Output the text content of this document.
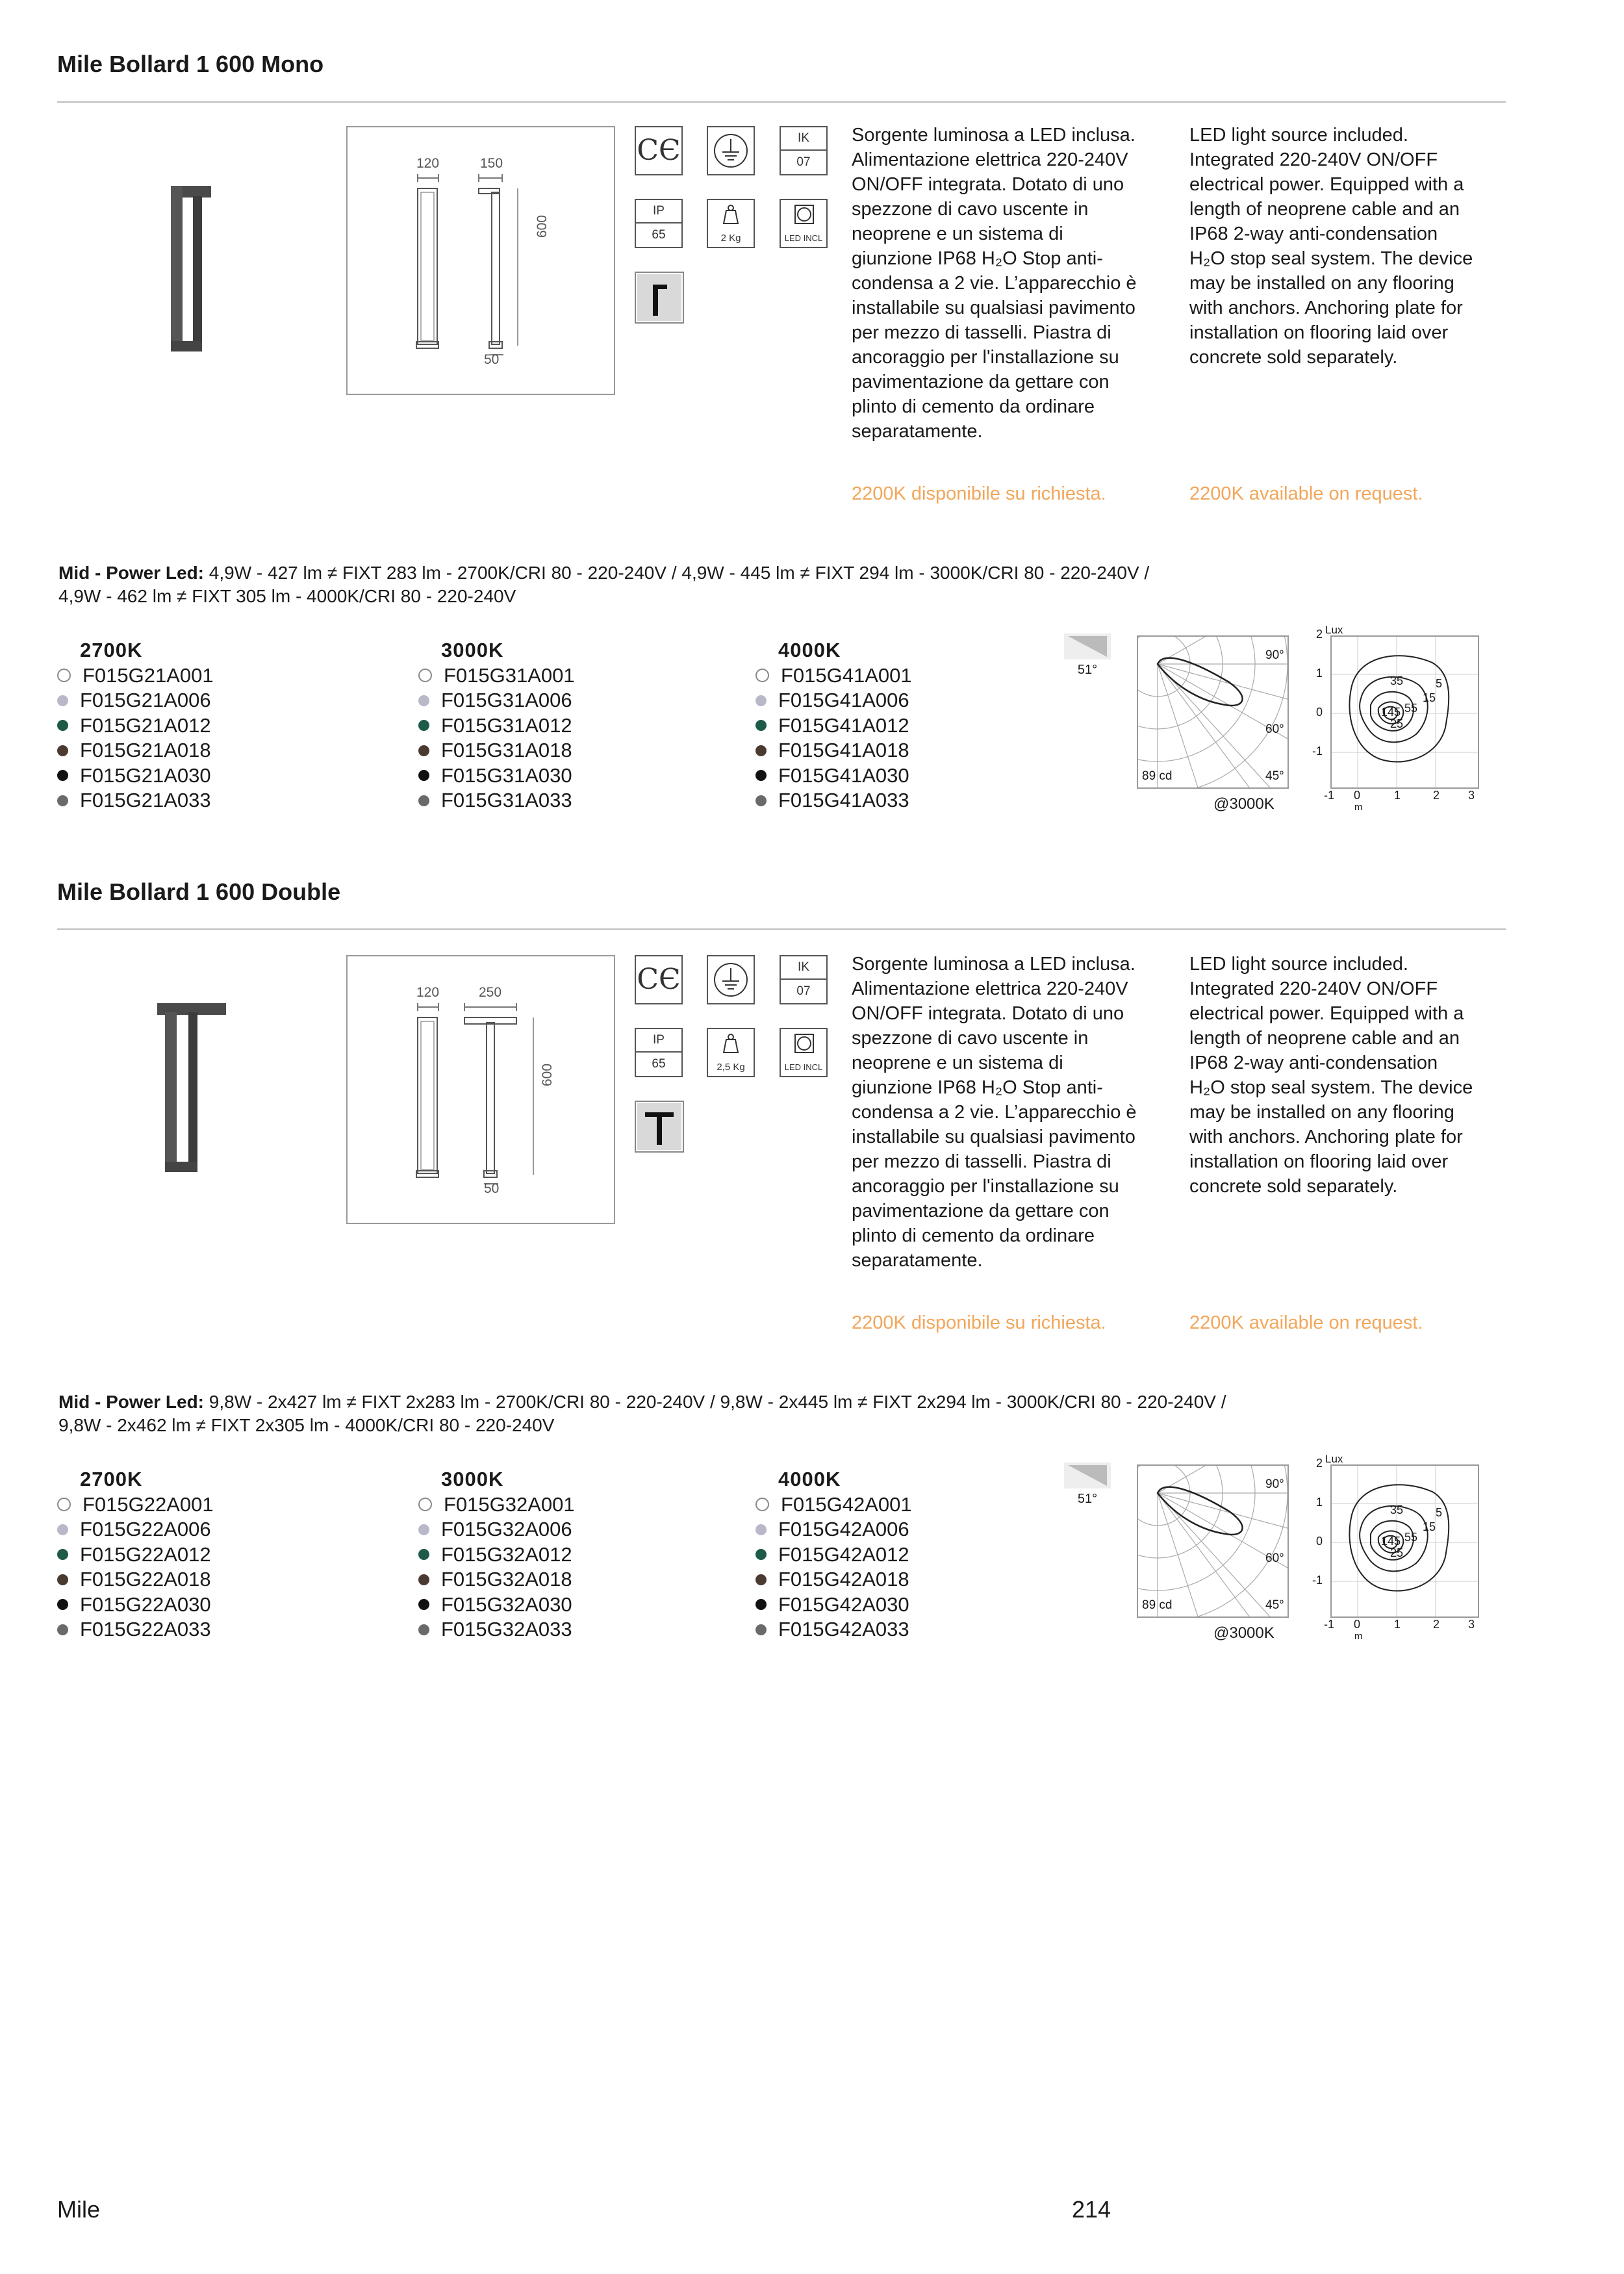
Mile Bollard 1 600 Mono
120	150
600
50
CЄ	IK
07
IP
65	2 Kg	LED INCL
Sorgente luminosa a LED inclusa. Alimentazione elettrica 220-240V ON/OFF integrata. Dotato di uno spezzone di cavo uscente in neoprene e un sistema di giunzione IP68 H₂O Stop anti-condensa a 2 vie. L’apparecchio è installabile su qualsiasi pavimento per mezzo di tasselli. Piastra di ancoraggio per l'installazione su pavimentazione da gettare con plinto di cemento da ordinare separatamente.
LED light source included. Integrated 220-240V ON/OFF electrical power. Equipped with a length of neoprene cable and an IP68 2-way anti-condensation H₂O stop seal system. The device may be installed on any flooring with anchors. Anchoring plate for installation on flooring laid over concrete sold separately.
2200K disponibile su richiesta.	2200K available on request.
Mid - Power Led: 4,9W - 427 lm ≠ FIXT 283 lm - 2700K/CRI 80 - 220-240V / 4,9W - 445 lm ≠ FIXT 294 lm - 3000K/CRI 80 - 220-240V /
4,9W - 462 lm ≠ FIXT 305 lm - 4000K/CRI 80 - 220-240V
2700K
F015G21A001
F015G21A006
F015G21A012
F015G21A018
F015G21A030
F015G21A033
3000K
F015G31A001
F015G31A006
F015G31A012
F015G31A018
F015G31A030
F015G31A033
4000K
F015G41A001
F015G41A006
F015G41A012
F015G41A018
F015G41A030
F015G41A033
51°
90°
60°
45°
89 cd
@3000K
Lux
35	5
15
55
145
25
2
1
0
-1
-1 0	1	2 3
m
Mile Bollard 1 600 Double
120	250
600
50
CЄ	IK
07
IP
65	2,5 Kg	LED INCL
Sorgente luminosa a LED inclusa. Alimentazione elettrica 220-240V ON/OFF integrata. Dotato di uno spezzone di cavo uscente in neoprene e un sistema di giunzione IP68 H₂O Stop anti-condensa a 2 vie. L’apparecchio è installabile su qualsiasi pavimento per mezzo di tasselli. Piastra di ancoraggio per l'installazione su pavimentazione da gettare con plinto di cemento da ordinare separatamente.
LED light source included. Integrated 220-240V ON/OFF electrical power. Equipped with a length of neoprene cable and an IP68 2-way anti-condensation H₂O stop seal system. The device may be installed on any flooring with anchors. Anchoring plate for installation on flooring laid over concrete sold separately.
2200K disponibile su richiesta.	2200K available on request.
Mid - Power Led: 9,8W - 2x427 lm ≠ FIXT 2x283 lm - 2700K/CRI 80 - 220-240V / 9,8W - 2x445 lm ≠ FIXT 2x294 lm - 3000K/CRI 80 - 220-240V /
9,8W - 2x462 lm ≠ FIXT 2x305 lm - 4000K/CRI 80 - 220-240V
2700K
F015G22A001
F015G22A006
F015G22A012
F015G22A018
F015G22A030
F015G22A033
3000K
F015G32A001
F015G32A006
F015G32A012
F015G32A018
F015G32A030
F015G32A033
4000K
F015G42A001
F015G42A006
F015G42A012
F015G42A018
F015G42A030
F015G42A033
51°
90°
60°
45°
89 cd
@3000K
Lux
35	5
15
55
145
25
2
1
0
-1
-1 0	1	2 3
m
Mile	214
